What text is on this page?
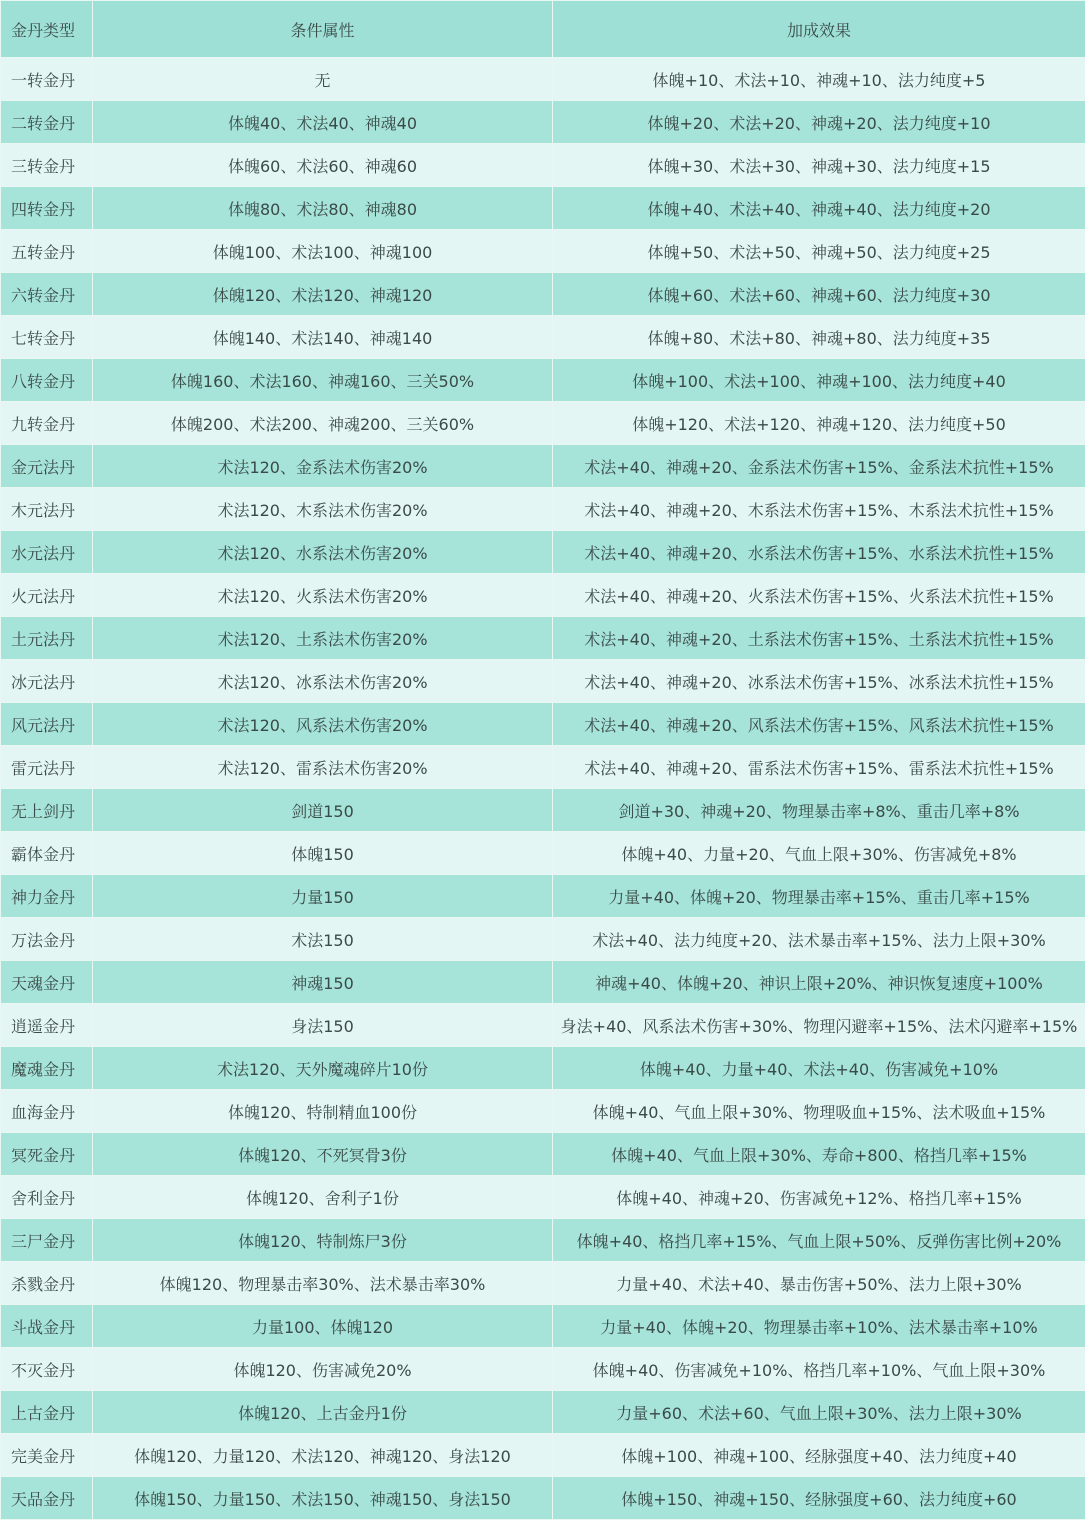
金丹类型	条件属性	加成效果
一转金丹	无	体魄+10、术法+10、神魂+10、法力纯度+5
二转金丹	体魄40、术法40、神魂40	体魄+20、术法+20、神魂+20、法力纯度+10
三转金丹	体魄60、术法60、神魂60	体魄+30、术法+30、神魂+30、法力纯度+15
四转金丹	体魄80、术法80、神魂80	体魄+40、术法+40、神魂+40、法力纯度+20
五转金丹	体魄100、术法100、神魂100	体魄+50、术法+50、神魂+50、法力纯度+25
六转金丹	体魄120、术法120、神魂120	体魄+60、术法+60、神魂+60、法力纯度+30
七转金丹	体魄140、术法140、神魂140	体魄+80、术法+80、神魂+80、法力纯度+35
八转金丹	体魄160、术法160、神魂160、三关50%	体魄+100、术法+100、神魂+100、法力纯度+40
九转金丹	体魄200、术法200、神魂200、三关60%	体魄+120、术法+120、神魂+120、法力纯度+50
金元法丹	术法120、金系法术伤害20%	术法+40、神魂+20、金系法术伤害+15%、金系法术抗性+15%
木元法丹	术法120、木系法术伤害20%	术法+40、神魂+20、木系法术伤害+15%、木系法术抗性+15%
水元法丹	术法120、水系法术伤害20%	术法+40、神魂+20、水系法术伤害+15%、水系法术抗性+15%
火元法丹	术法120、火系法术伤害20%	术法+40、神魂+20、火系法术伤害+15%、火系法术抗性+15%
土元法丹	术法120、土系法术伤害20%	术法+40、神魂+20、土系法术伤害+15%、土系法术抗性+15%
冰元法丹	术法120、冰系法术伤害20%	术法+40、神魂+20、冰系法术伤害+15%、冰系法术抗性+15%
风元法丹	术法120、风系法术伤害20%	术法+40、神魂+20、风系法术伤害+15%、风系法术抗性+15%
雷元法丹	术法120、雷系法术伤害20%	术法+40、神魂+20、雷系法术伤害+15%、雷系法术抗性+15%
无上剑丹	剑道150	剑道+30、神魂+20、物理暴击率+8%、重击几率+8%
霸体金丹	体魄150	体魄+40、力量+20、气血上限+30%、伤害减免+8%
神力金丹	力量150	力量+40、体魄+20、物理暴击率+15%、重击几率+15%
万法金丹	术法150	术法+40、法力纯度+20、法术暴击率+15%、法力上限+30%
天魂金丹	神魂150	神魂+40、体魄+20、神识上限+20%、神识恢复速度+100%
逍遥金丹	身法150	身法+40、风系法术伤害+30%、物理闪避率+15%、法术闪避率+15%
魔魂金丹	术法120、天外魔魂碎片10份	体魄+40、力量+40、术法+40、伤害减免+10%
血海金丹	体魄120、特制精血100份	体魄+40、气血上限+30%、物理吸血+15%、法术吸血+15%
冥死金丹	体魄120、不死冥骨3份	体魄+40、气血上限+30%、寿命+800、格挡几率+15%
舍利金丹	体魄120、舍利子1份	体魄+40、神魂+20、伤害减免+12%、格挡几率+15%
三尸金丹	体魄120、特制炼尸3份	体魄+40、格挡几率+15%、气血上限+50%、反弹伤害比例+20%
杀戮金丹	体魄120、物理暴击率30%、法术暴击率30%	力量+40、术法+40、暴击伤害+50%、法力上限+30%
斗战金丹	力量100、体魄120	力量+40、体魄+20、物理暴击率+10%、法术暴击率+10%
不灭金丹	体魄120、伤害减免20%	体魄+40、伤害减免+10%、格挡几率+10%、气血上限+30%
上古金丹	体魄120、上古金丹1份	力量+60、术法+60、气血上限+30%、法力上限+30%
完美金丹	体魄120、力量120、术法120、神魂120、身法120	体魄+100、神魂+100、经脉强度+40、法力纯度+40
天品金丹	体魄150、力量150、术法150、神魂150、身法150	体魄+150、神魂+150、经脉强度+60、法力纯度+60
